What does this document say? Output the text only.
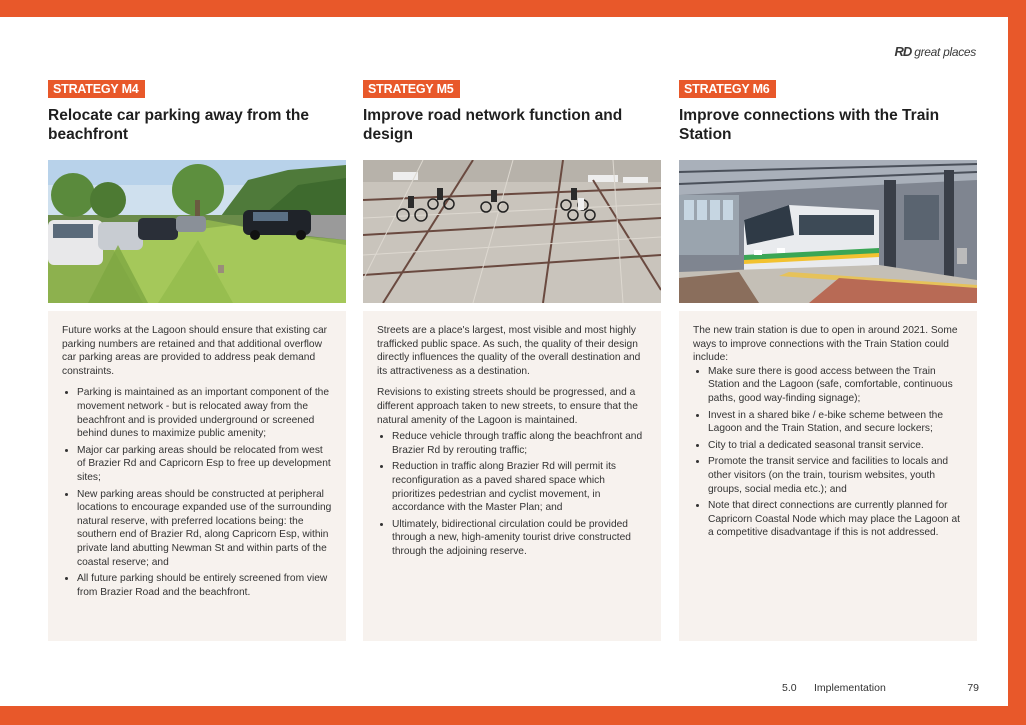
RD great places
STRATEGY M4
Relocate car parking away from the beachfront

Future works at the Lagoon should ensure that existing car parking numbers are retained and that additional overflow car parking areas are provided to address peak demand constraints.

• Parking is maintained as an important component of the movement network - but is relocated away from the beachfront and is provided underground or screened behind dunes to maximize public amenity;
• Major car parking areas should be relocated from west of Brazier Rd and Capricorn Esp to free up development sites;
• New parking areas should be constructed at peripheral locations to encourage expanded use of the surrounding natural reserve, with preferred locations being: the southern end of Brazier Rd, along Capricorn Esp, within private land abutting Newman St and within parts of the coastal reserve; and
• All future parking should be entirely screened from view from Brazier Road and the beachfront.
STRATEGY M5
Improve road network function and design

Streets are a place's largest, most visible and most highly trafficked public space. As such, the quality of their design directly influences the quality of the overall destination and its attractiveness as a destination.

Revisions to existing streets should be progressed, and a different approach taken to new streets, to ensure that the natural amenity of the Lagoon is maintained.

• Reduce vehicle through traffic along the beachfront and Brazier Rd by rerouting traffic;
• Reduction in traffic along Brazier Rd will permit its reconfiguration as a paved shared space which prioritizes pedestrian and cyclist movement, in accordance with the Master Plan; and
• Ultimately, bidirectional circulation could be provided through a new, high-amenity tourist drive constructed through the adjoining reserve.
STRATEGY M6
Improve connections with the Train Station

The new train station is due to open in around 2021. Some ways to improve connections with the Train Station could include:

• Make sure there is good access between the Train Station and the Lagoon (safe, comfortable, continuous paths, good way-finding signage);
• Invest in a shared bike / e-bike scheme between the Lagoon and the Train Station, and secure lockers;
• City to trial a dedicated seasonal transit service.
• Promote the transit service and facilities to locals and other visitors (on the train, tourism websites, youth groups, social media etc.); and
• Note that direct connections are currently planned for Capricorn Coastal Node which may place the Lagoon at a competitive disadvantage if this is not addressed.
5.0	Implementation	79
